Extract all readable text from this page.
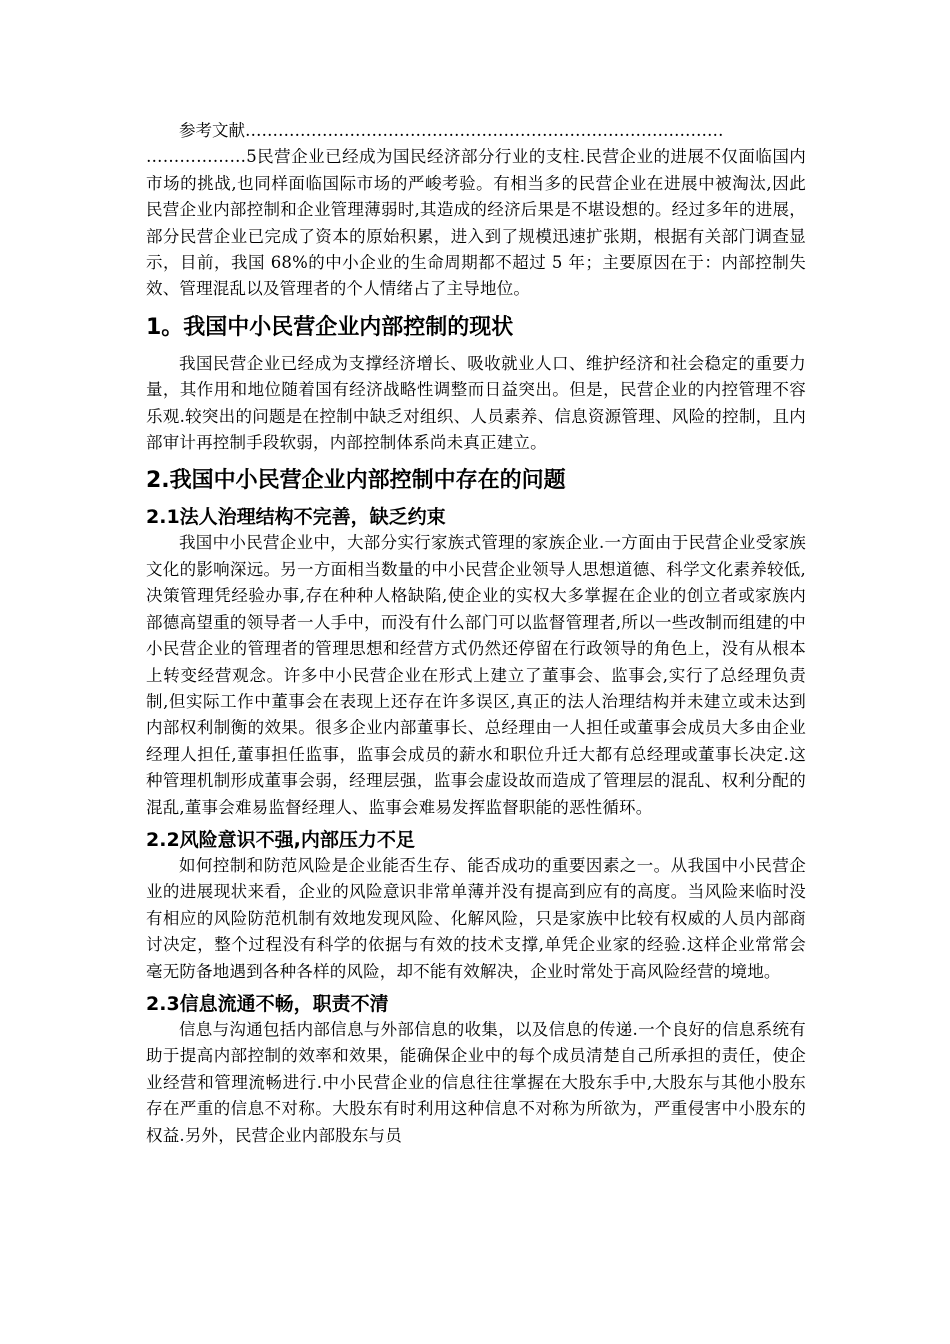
参考文献……………………………………………………………………………

………………5民营企业已经成为国民经济部分行业的支柱.民营企业的进展不仅面临国内市场的挑战,也同样面临国际市场的严峻考验。有相当多的民营企业在进展中被淘汰,因此民营企业内部控制和企业管理薄弱时,其造成的经济后果是不堪设想的。经过多年的进展，部分民营企业已完成了资本的原始积累，进入到了规模迅速扩张期，根据有关部门调查显示，目前，我国 68%的中小企业的生命周期都不超过 5 年；主要原因在于：内部控制失效、管理混乱以及管理者的个人情绪占了主导地位。

1。我国中小民营企业内部控制的现状

我国民营企业已经成为支撑经济增长、吸收就业人口、维护经济和社会稳定的重要力量，其作用和地位随着国有经济战略性调整而日益突出。但是，民营企业的内控管理不容乐观.较突出的问题是在控制中缺乏对组织、人员素养、信息资源管理、风险的控制，且内部审计再控制手段软弱，内部控制体系尚未真正建立。

2.我国中小民营企业内部控制中存在的问题
2.1法人治理结构不完善，缺乏约束

我国中小民营企业中，大部分实行家族式管理的家族企业.一方面由于民营企业受家族文化的影响深远。另一方面相当数量的中小民营企业领导人思想道德、科学文化素养较低,决策管理凭经验办事,存在种种人格缺陷,使企业的实权大多掌握在企业的创立者或家族内部德高望重的领导者一人手中，而没有什么部门可以监督管理者,所以一些改制而组建的中小民营企业的管理者的管理思想和经营方式仍然还停留在行政领导的角色上，没有从根本上转变经营观念。许多中小民营企业在形式上建立了董事会、监事会,实行了总经理负责制,但实际工作中董事会在表现上还存在许多误区,真正的法人治理结构并未建立或未达到内部权利制衡的效果。很多企业内部董事长、总经理由一人担任或董事会成员大多由企业经理人担任,董事担任监事，监事会成员的薪水和职位升迁大都有总经理或董事长决定.这种管理机制形成董事会弱，经理层强，监事会虚设故而造成了管理层的混乱、权利分配的混乱,董事会难易监督经理人、监事会难易发挥监督职能的恶性循环。

2.2风险意识不强,内部压力不足

如何控制和防范风险是企业能否生存、能否成功的重要因素之一。从我国中小民营企业的进展现状来看，企业的风险意识非常单薄并没有提高到应有的高度。当风险来临时没有相应的风险防范机制有效地发现风险、化解风险，只是家族中比较有权威的人员内部商讨决定，整个过程没有科学的依据与有效的技术支撑,单凭企业家的经验.这样企业常常会毫无防备地遇到各种各样的风险，却不能有效解决，企业时常处于高风险经营的境地。

2.3信息流通不畅，职责不清

信息与沟通包括内部信息与外部信息的收集，以及信息的传递.一个良好的信息系统有助于提高内部控制的效率和效果，能确保企业中的每个成员清楚自己所承担的责任，使企业经营和管理流畅进行.中小民营企业的信息往往掌握在大股东手中,大股东与其他小股东存在严重的信息不对称。大股东有时利用这种信息不对称为所欲为，严重侵害中小股东的权益.另外，民营企业内部股东与员
